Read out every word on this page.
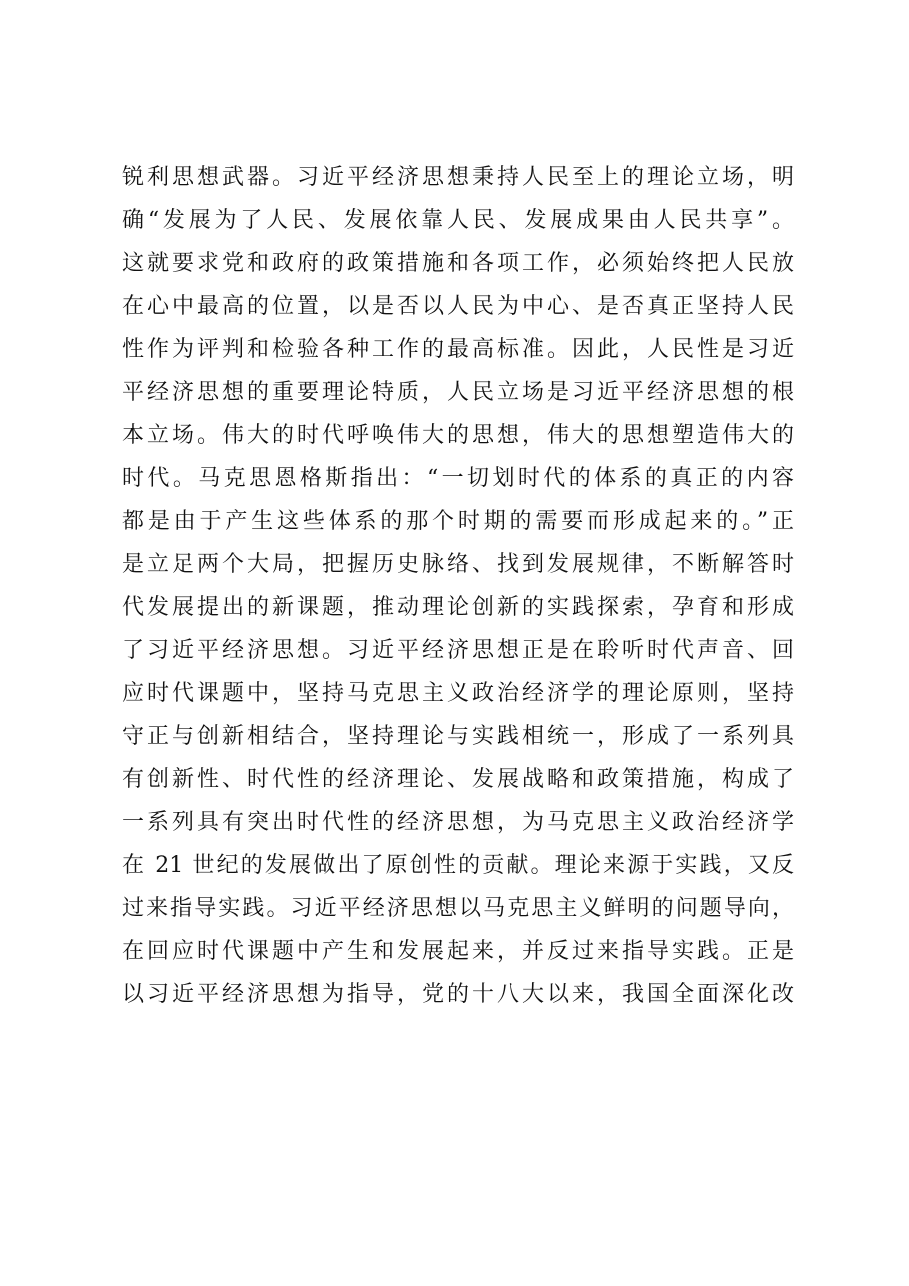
锐利思想武器。习近平经济思想秉持人民至上的理论立场，明
确“发展为了人民、发展依靠人民、发展成果由人民共享”。
这就要求党和政府的政策措施和各项工作，必须始终把人民放
在心中最高的位置，以是否以人民为中心、是否真正坚持人民
性作为评判和检验各种工作的最高标准。因此，人民性是习近
平经济思想的重要理论特质，人民立场是习近平经济思想的根
本立场。伟大的时代呼唤伟大的思想，伟大的思想塑造伟大的
时代。马克思恩格斯指出：“一切划时代的体系的真正的内容
都是由于产生这些体系的那个时期的需要而形成起来的。”正
是立足两个大局，把握历史脉络、找到发展规律，不断解答时
代发展提出的新课题，推动理论创新的实践探索，孕育和形成
了习近平经济思想。习近平经济思想正是在聆听时代声音、回
应时代课题中，坚持马克思主义政治经济学的理论原则，坚持
守正与创新相结合，坚持理论与实践相统一，形成了一系列具
有创新性、时代性的经济理论、发展战略和政策措施，构成了
一系列具有突出时代性的经济思想，为马克思主义政治经济学
在 21 世纪的发展做出了原创性的贡献。理论来源于实践，又反
过来指导实践。习近平经济思想以马克思主义鲜明的问题导向，
在回应时代课题中产生和发展起来，并反过来指导实践。正是
以习近平经济思想为指导，党的十八大以来，我国全面深化改
